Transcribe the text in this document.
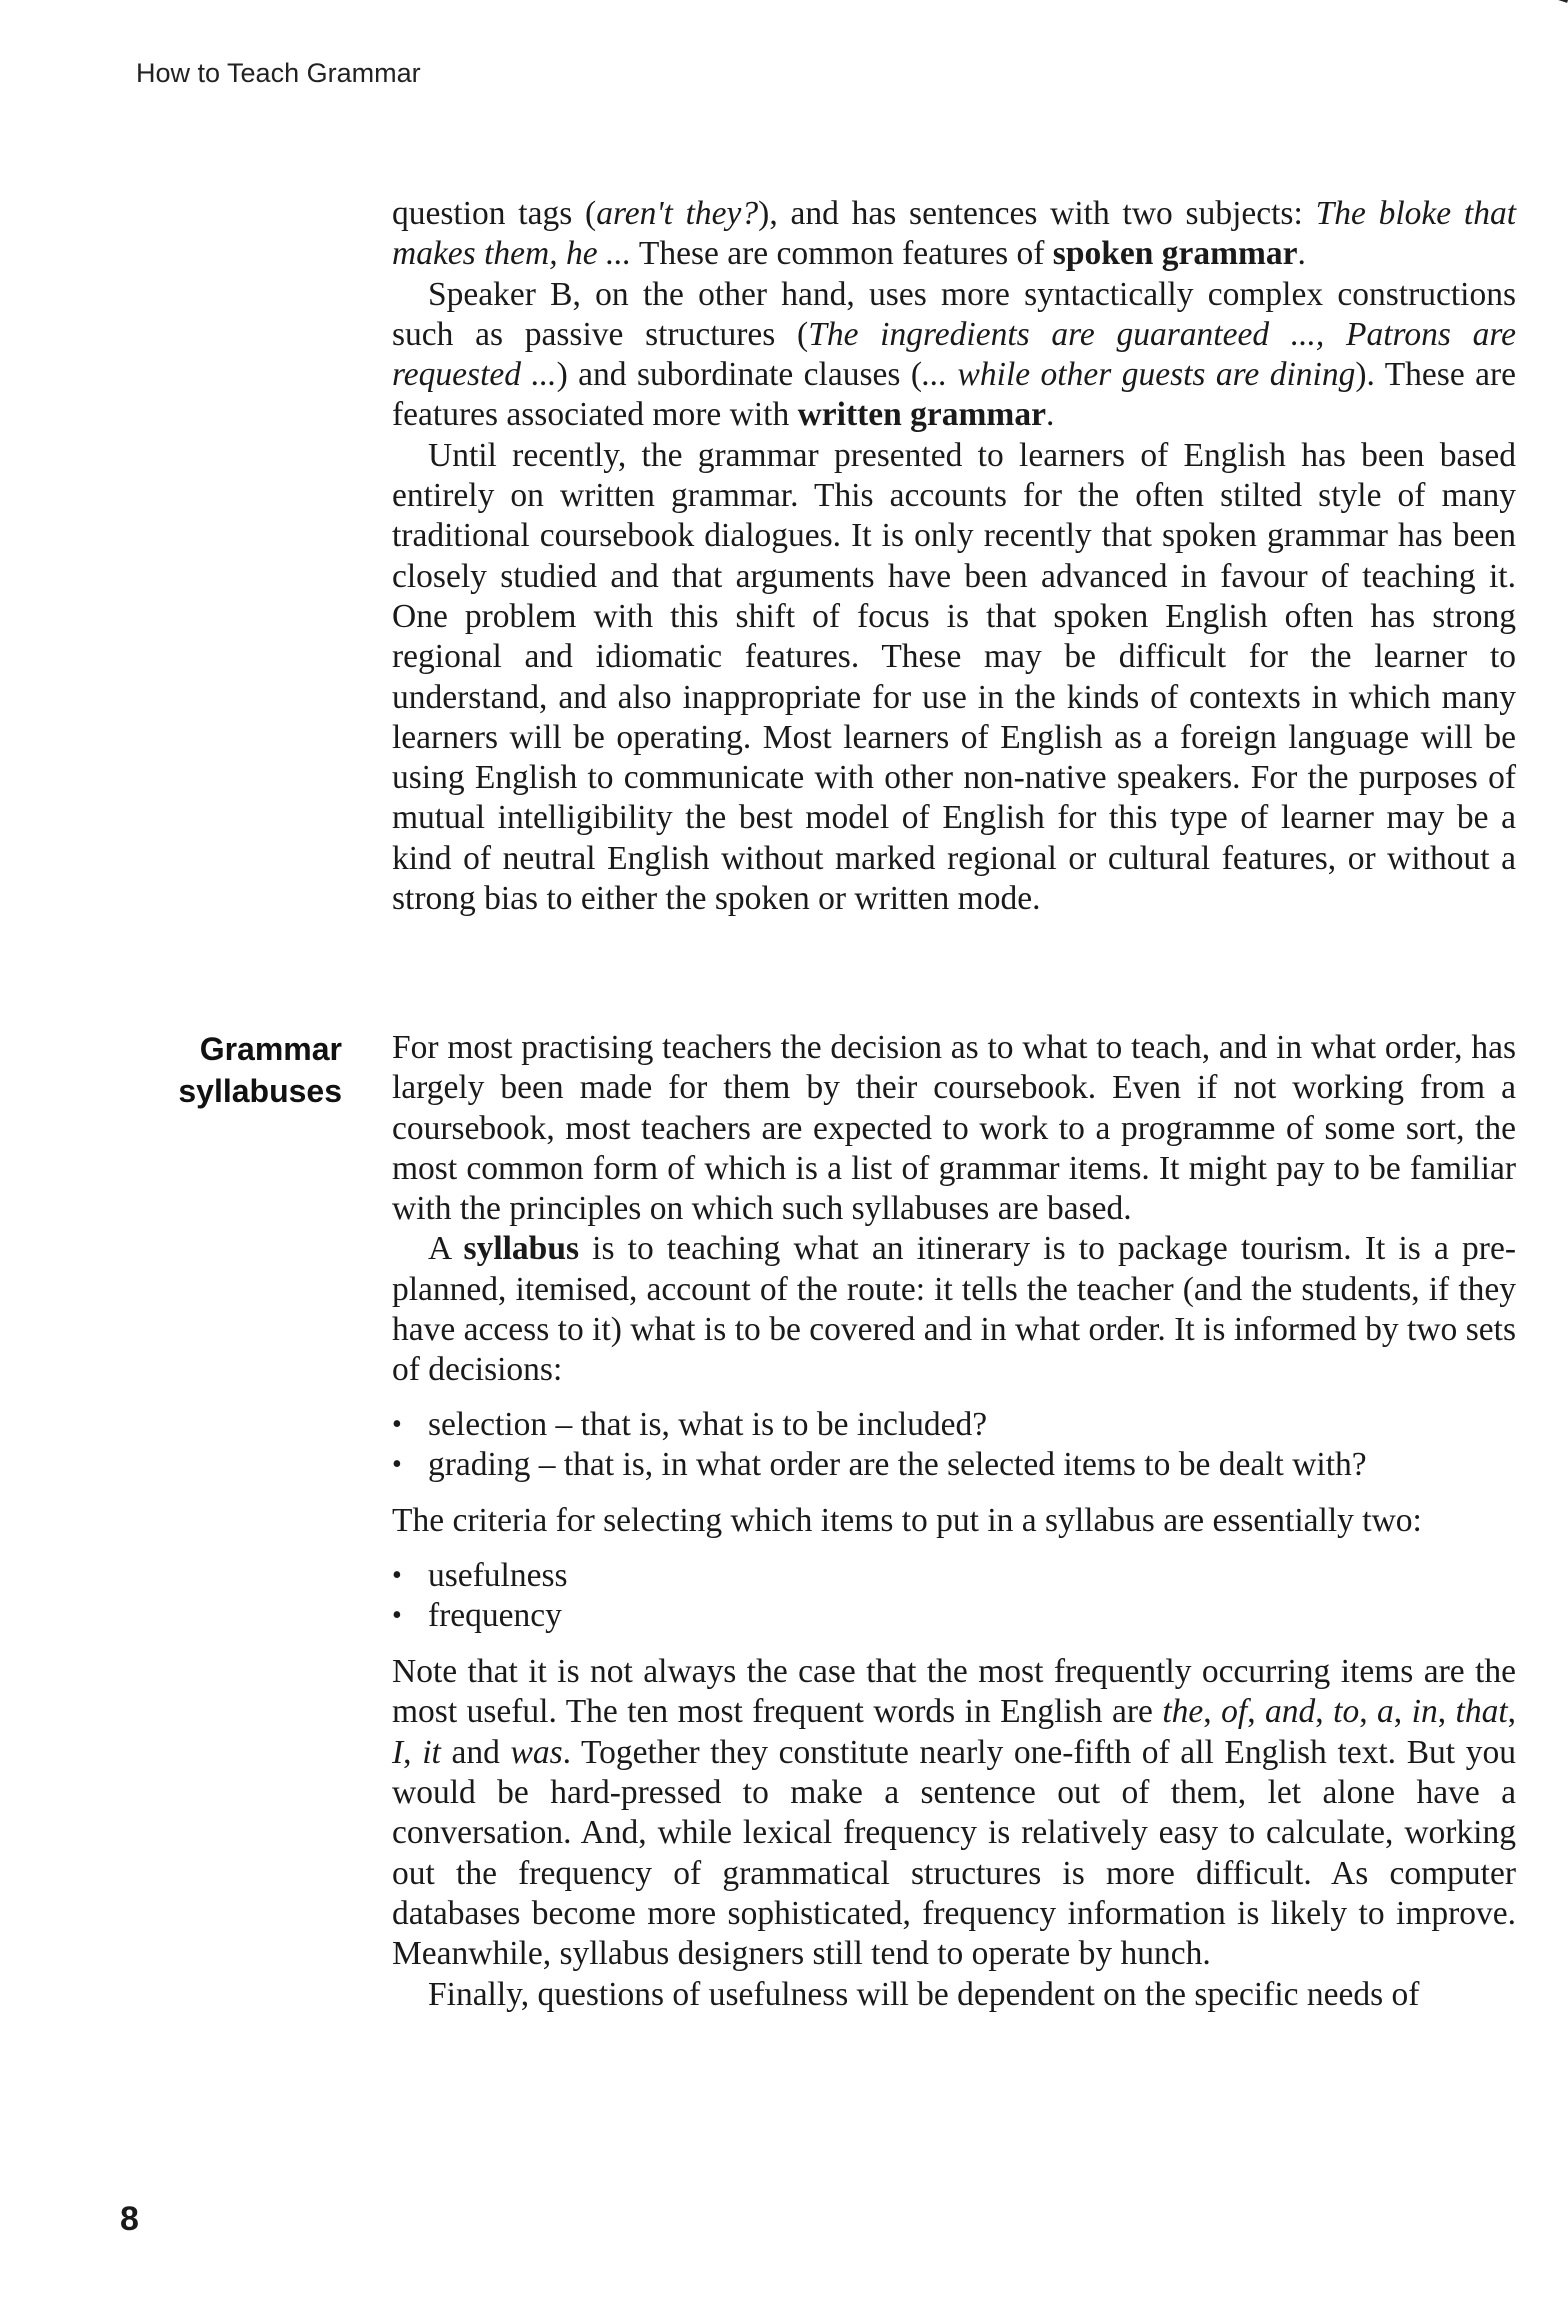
How to Teach Grammar

question tags (aren't they?), and has sentences with two subjects: The bloke that makes them, he ... These are common features of spoken grammar.

Speaker B, on the other hand, uses more syntactically complex constructions such as passive structures (The ingredients are guaranteed ..., Patrons are requested ...) and subordinate clauses (... while other guests are dining). These are features associated more with written grammar.

Until recently, the grammar presented to learners of English has been based entirely on written grammar. This accounts for the often stilted style of many traditional coursebook dialogues. It is only recently that spoken grammar has been closely studied and that arguments have been advanced in favour of teaching it. One problem with this shift of focus is that spoken English often has strong regional and idiomatic features. These may be difficult for the learner to understand, and also inappropriate for use in the kinds of contexts in which many learners will be operating. Most learners of English as a foreign language will be using English to communicate with other non-native speakers. For the purposes of mutual intelligibility the best model of English for this type of learner may be a kind of neutral English without marked regional or cultural features, or without a strong bias to either the spoken or written mode.

Grammar
syllabuses

For most practising teachers the decision as to what to teach, and in what order, has largely been made for them by their coursebook. Even if not working from a coursebook, most teachers are expected to work to a programme of some sort, the most common form of which is a list of grammar items. It might pay to be familiar with the principles on which such syllabuses are based.

A syllabus is to teaching what an itinerary is to package tourism. It is a pre-planned, itemised, account of the route: it tells the teacher (and the students, if they have access to it) what is to be covered and in what order. It is informed by two sets of decisions:

• selection – that is, what is to be included?
• grading – that is, in what order are the selected items to be dealt with?

The criteria for selecting which items to put in a syllabus are essentially two:

• usefulness
• frequency

Note that it is not always the case that the most frequently occurring items are the most useful. The ten most frequent words in English are the, of, and, to, a, in, that, I, it and was. Together they constitute nearly one-fifth of all English text. But you would be hard-pressed to make a sentence out of them, let alone have a conversation. And, while lexical frequency is relatively easy to calculate, working out the frequency of grammatical structures is more difficult. As computer databases become more sophisticated, frequency information is likely to improve. Meanwhile, syllabus designers still tend to operate by hunch.

Finally, questions of usefulness will be dependent on the specific needs of

8
